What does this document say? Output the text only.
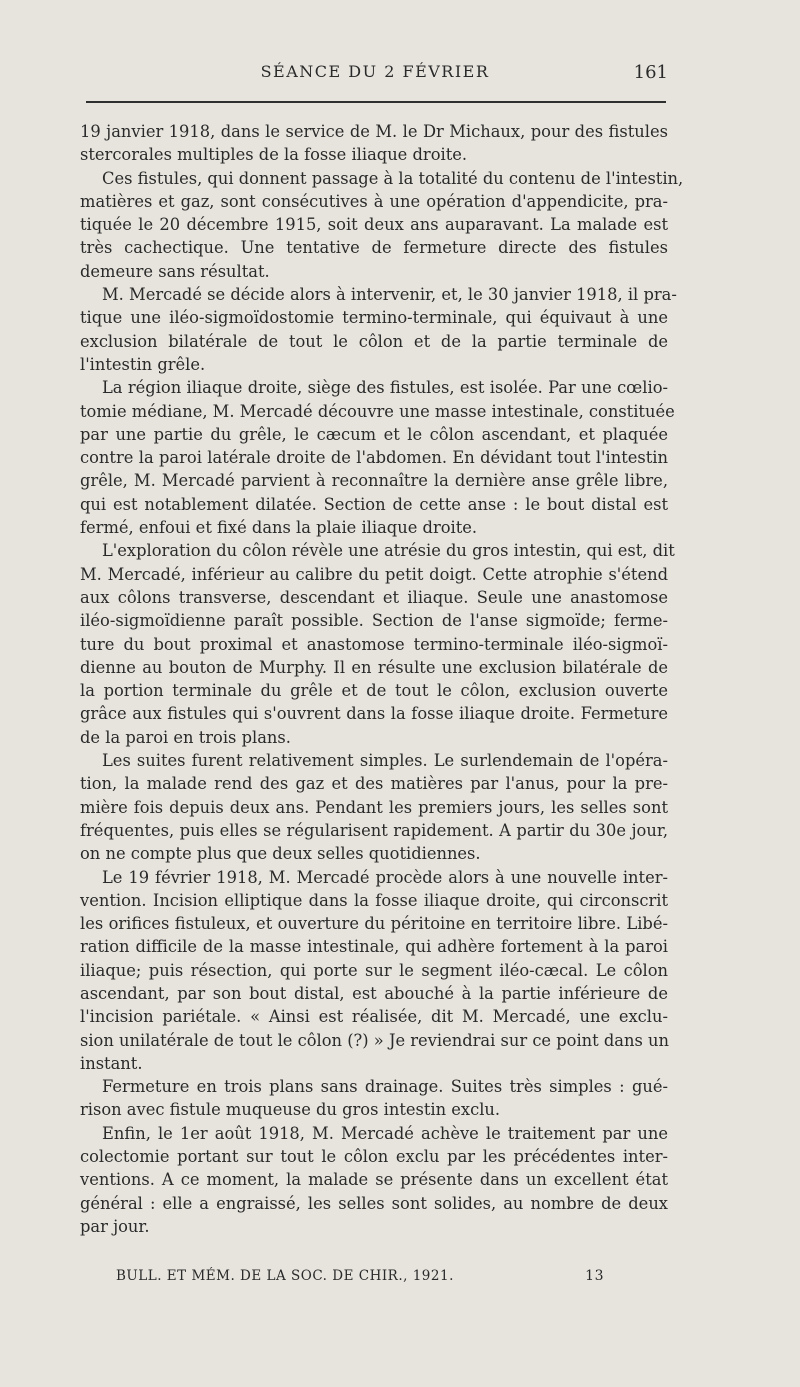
SÉANCE DU 2 FÉVRIER	161
19 janvier 1918, dans le service de M. le Dr Michaux, pour des fistules
stercorales multiples de la fosse iliaque droite.
Ces fistules, qui donnent passage à la totalité du contenu de l'intestin,
matières et gaz, sont consécutives à une opération d'appendicite, pra-
tiquée le 20 décembre 1915, soit deux ans auparavant. La malade est
très cachectique. Une tentative de fermeture directe des fistules
demeure sans résultat.
M. Mercadé se décide alors à intervenir, et, le 30 janvier 1918, il pra-
tique une iléo-sigmoïdostomie termino-terminale, qui équivaut à une
exclusion bilatérale de tout le côlon et de la partie terminale de
l'intestin grêle.
La région iliaque droite, siège des fistules, est isolée. Par une cœlio-
tomie médiane, M. Mercadé découvre une masse intestinale, constituée
par une partie du grêle, le cæcum et le côlon ascendant, et plaquée
contre la paroi latérale droite de l'abdomen. En dévidant tout l'intestin
grêle, M. Mercadé parvient à reconnaître la dernière anse grêle libre,
qui est notablement dilatée. Section de cette anse : le bout distal est
fermé, enfoui et fixé dans la plaie iliaque droite.
L'exploration du côlon révèle une atrésie du gros intestin, qui est, dit
M. Mercadé, inférieur au calibre du petit doigt. Cette atrophie s'étend
aux côlons transverse, descendant et iliaque. Seule une anastomose
iléo-sigmoïdienne paraît possible. Section de l'anse sigmoïde; ferme-
ture du bout proximal et anastomose termino-terminale iléo-sigmoï-
dienne au bouton de Murphy. Il en résulte une exclusion bilatérale de
la portion terminale du grêle et de tout le côlon, exclusion ouverte
grâce aux fistules qui s'ouvrent dans la fosse iliaque droite. Fermeture
de la paroi en trois plans.
Les suites furent relativement simples. Le surlendemain de l'opéra-
tion, la malade rend des gaz et des matières par l'anus, pour la pre-
mière fois depuis deux ans. Pendant les premiers jours, les selles sont
fréquentes, puis elles se régularisent rapidement. A partir du 30e jour,
on ne compte plus que deux selles quotidiennes.
Le 19 février 1918, M. Mercadé procède alors à une nouvelle inter-
vention. Incision elliptique dans la fosse iliaque droite, qui circonscrit
les orifices fistuleux, et ouverture du péritoine en territoire libre. Libé-
ration difficile de la masse intestinale, qui adhère fortement à la paroi
iliaque; puis résection, qui porte sur le segment iléo-cæcal. Le côlon
ascendant, par son bout distal, est abouché à la partie inférieure de
l'incision pariétale. « Ainsi est réalisée, dit M. Mercadé, une exclu-
sion unilatérale de tout le côlon (?) » Je reviendrai sur ce point dans un
instant.
Fermeture en trois plans sans drainage. Suites très simples : gué-
rison avec fistule muqueuse du gros intestin exclu.
Enfin, le 1er août 1918, M. Mercadé achève le traitement par une
colectomie portant sur tout le côlon exclu par les précédentes inter-
ventions. A ce moment, la malade se présente dans un excellent état
général : elle a engraissé, les selles sont solides, au nombre de deux
par jour.
BULL. ET MÉM. DE LA SOC. DE CHIR., 1921.	13
